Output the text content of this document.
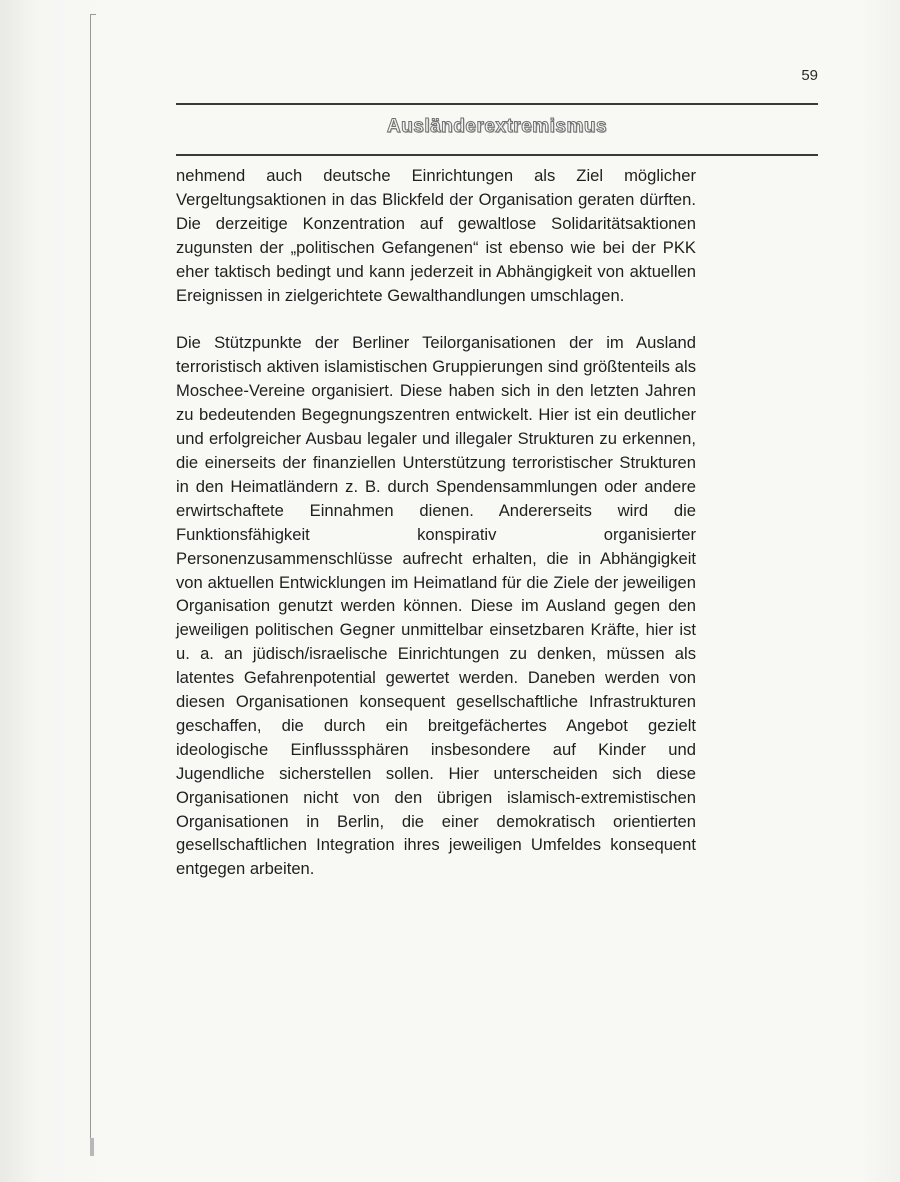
59
Ausländerextremismus

nehmend auch deutsche Einrichtungen als Ziel möglicher Vergeltungsaktionen in das Blickfeld der Organisation geraten dürften. Die derzeitige Konzentration auf gewaltlose Solidaritätsaktionen zugunsten der „politischen Gefangenen“ ist ebenso wie bei der PKK eher taktisch bedingt und kann jederzeit in Abhängigkeit von aktuellen Ereignissen in zielgerichtete Gewalthandlungen umschlagen.

Die Stützpunkte der Berliner Teilorganisationen der im Ausland terroristisch aktiven islamistischen Gruppierungen sind größtenteils als Moschee-Vereine organisiert. Diese haben sich in den letzten Jahren zu bedeutenden Begegnungszentren entwickelt. Hier ist ein deutlicher und erfolgreicher Ausbau legaler und illegaler Strukturen zu erkennen, die einerseits der finanziellen Unterstützung terroristischer Strukturen in den Heimatländern z. B. durch Spendensammlungen oder andere erwirtschaftete Einnahmen dienen. Andererseits wird die Funktionsfähigkeit konspirativ organisierter Personenzusammenschlüsse aufrecht erhalten, die in Abhängigkeit von aktuellen Entwicklungen im Heimatland für die Ziele der jeweiligen Organisation genutzt werden können. Diese im Ausland gegen den jeweiligen politischen Gegner unmittelbar einsetzbaren Kräfte, hier ist u. a. an jüdisch/israelische Einrichtungen zu denken, müssen als latentes Gefahrenpotential gewertet werden. Daneben werden von diesen Organisationen konsequent gesellschaftliche Infrastrukturen geschaffen, die durch ein breitgefächertes Angebot gezielt ideologische Einflusssphären insbesondere auf Kinder und Jugendliche sicherstellen sollen. Hier unterscheiden sich diese Organisationen nicht von den übrigen islamisch-extremistischen Organisationen in Berlin, die einer demokratisch orientierten gesellschaftlichen Integration ihres jeweiligen Umfeldes konsequent entgegen arbeiten.
